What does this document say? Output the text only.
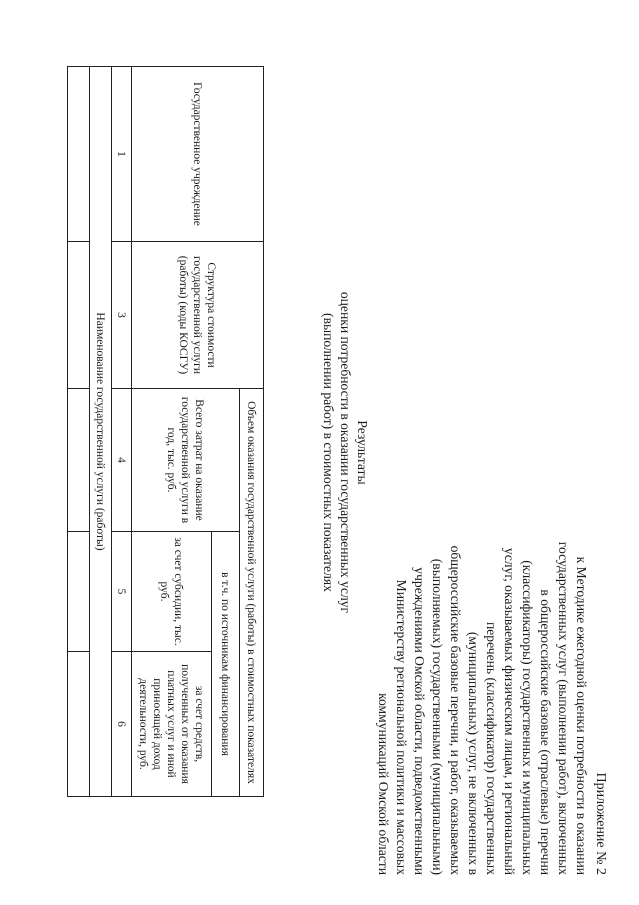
Приложение № 2
к Методике ежегодной оценки потребности в оказании
государственных услуг (выполнении работ), включенных
в общероссийские базовые (отраслевые) перечни
(классификаторы) государственных и муниципальных
услуг, оказываемых физическим лицам, и региональный
перечень (классификатор) государственных
(муниципальных) услуг, не включенных в
общероссийские базовые перечни, и работ, оказываемых
(выполняемых) государственными (муниципальными)
учреждениями Омской области, подведомственными
Министерству региональной политики и массовых
коммуникаций Омской области
Результаты
оценки потребности в оказании государственных услуг
(выполнении работ) в стоимостных показателях
Государственное учреждение	Структура стоимости государственной услуги (работы) (коды КОСГУ)	Объем оказания государственной услуги (работы) в стоимостных показателях		
		Всего затрат на оказание государственной услуги в год, тыс. руб.	в т.ч. по источникам финансирования	
			за счет субсидии, тыс. руб.	за счет средств, полученных от оказания платных услуг и иной приносящей доход деятельности, руб.
1	3	4	5	6
Наименование государственной услуги (работы)				
